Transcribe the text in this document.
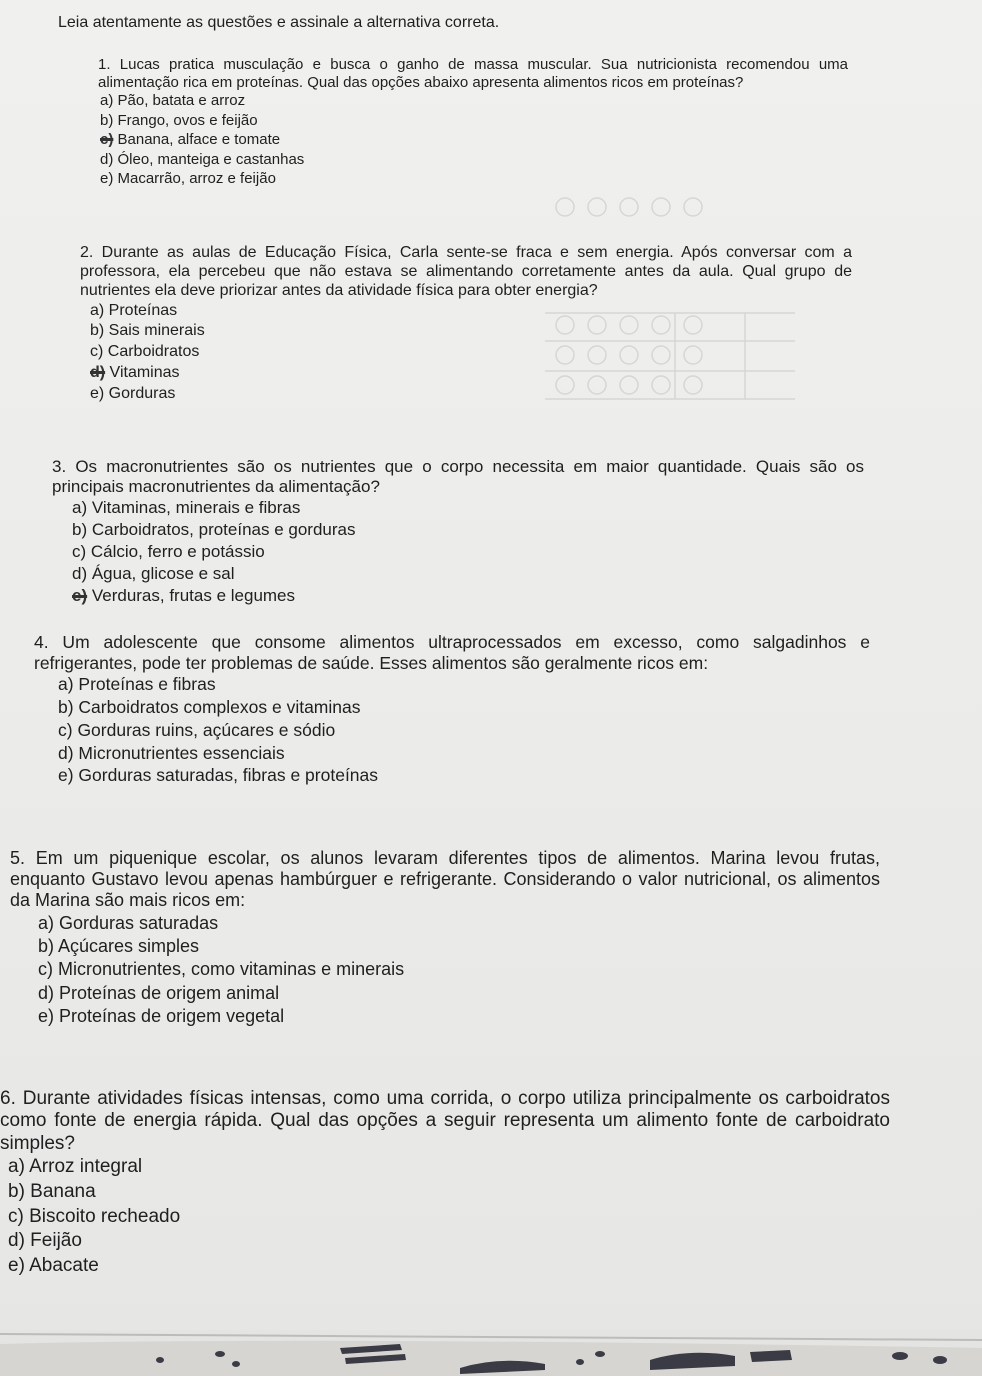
Leia atentamente as questões e assinale a alternativa correta.
1. Lucas pratica musculação e busca o ganho de massa muscular. Sua nutricionista recomendou uma alimentação rica em proteínas. Qual das opções abaixo apresenta alimentos ricos em proteínas?
a) Pão, batata e arroz
b) Frango, ovos e feijão
c) Banana, alface e tomate
d) Óleo, manteiga e castanhas
e) Macarrão, arroz e feijão
2. Durante as aulas de Educação Física, Carla sente-se fraca e sem energia. Após conversar com a professora, ela percebeu que não estava se alimentando corretamente antes da aula. Qual grupo de nutrientes ela deve priorizar antes da atividade física para obter energia?
a) Proteínas
b) Sais minerais
c) Carboidratos
d) Vitaminas
e) Gorduras
3. Os macronutrientes são os nutrientes que o corpo necessita em maior quantidade. Quais são os principais macronutrientes da alimentação?
a) Vitaminas, minerais e fibras
b) Carboidratos, proteínas e gorduras
c) Cálcio, ferro e potássio
d) Água, glicose e sal
e) Verduras, frutas e legumes
4. Um adolescente que consome alimentos ultraprocessados em excesso, como salgadinhos e refrigerantes, pode ter problemas de saúde. Esses alimentos são geralmente ricos em:
a) Proteínas e fibras
b) Carboidratos complexos e vitaminas
c) Gorduras ruins, açúcares e sódio
d) Micronutrientes essenciais
e) Gorduras saturadas, fibras e proteínas
5. Em um piquenique escolar, os alunos levaram diferentes tipos de alimentos. Marina levou frutas, enquanto Gustavo levou apenas hambúrguer e refrigerante. Considerando o valor nutricional, os alimentos da Marina são mais ricos em:
a) Gorduras saturadas
b) Açúcares simples
c) Micronutrientes, como vitaminas e minerais
d) Proteínas de origem animal
e) Proteínas de origem vegetal
6. Durante atividades físicas intensas, como uma corrida, o corpo utiliza principalmente os carboidratos como fonte de energia rápida. Qual das opções a seguir representa um alimento fonte de carboidrato simples?
a) Arroz integral
b) Banana
c) Biscoito recheado
d) Feijão
e) Abacate
